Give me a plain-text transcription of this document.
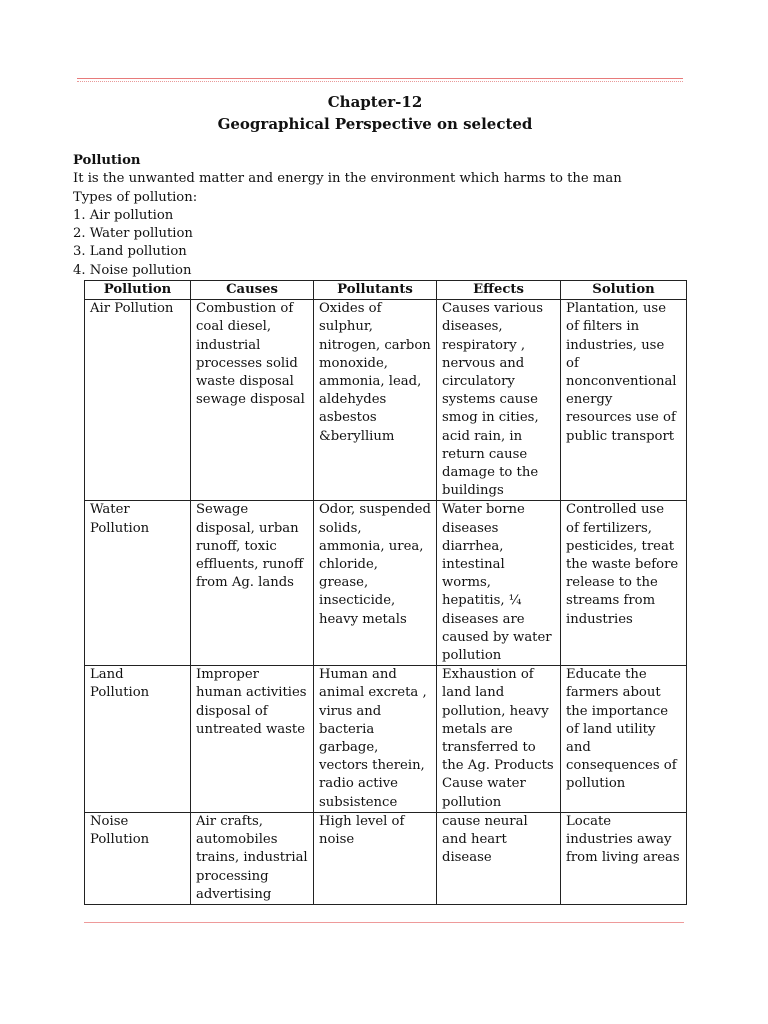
Chapter-12
Geographical Perspective on selected
Pollution
It is the unwanted matter and energy in the environment which harms to the man
Types of pollution:
1. Air pollution
2. Water pollution
3. Land pollution
4. Noise pollution
Pollution	Causes	Pollutants	Effects	Solution
Air Pollution	Combustion of coal diesel, industrial processes solid waste disposal sewage disposal	Oxides of sulphur, nitrogen, carbon monoxide, ammonia, lead, aldehydes asbestos &beryllium	Causes various diseases, respiratory , nervous and circulatory systems cause smog in cities, acid rain, in return cause damage to the buildings	Plantation, use of filters in industries, use of nonconventional energy resources use of public transport
Water Pollution	Sewage disposal, urban runoff, toxic effluents, runoff from Ag. lands	Odor, suspended solids, ammonia, urea, chloride, grease, insecticide, heavy metals	Water borne diseases diarrhea, intestinal worms, hepatitis, ¼ diseases are caused by water pollution	Controlled use of fertilizers, pesticides, treat the waste before release to the streams from industries
Land Pollution	Improper human activities disposal of untreated waste	Human and animal excreta , virus and bacteria garbage, vectors therein, radio active subsistence	Exhaustion of land land pollution, heavy metals are transferred to the Ag. Products Cause water pollution	Educate the farmers about the importance of land utility and consequences of pollution
Noise Pollution	Air crafts, automobiles trains, industrial processing advertising	High level of noise	cause neural and heart disease	Locate industries away from living areas
